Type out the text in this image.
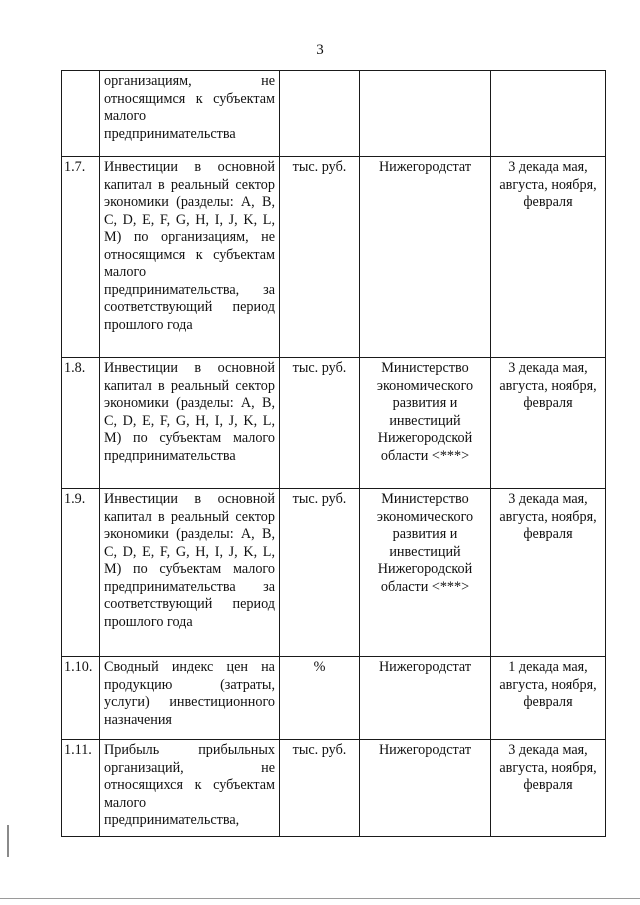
3
	организациям, не относящимся к субъектам малого предпринимательства			
1.7.	Инвестиции в основной капитал в реальный сектор экономики (разделы: A, B, C, D, E, F, G, H, I, J, K, L, M) по организациям, не относящимся к субъектам малого предпринимательства, за соответствующий период прошлого года	тыс. руб.	Нижегородстат	3 декада мая, августа, ноября, февраля
1.8.	Инвестиции в основной капитал в реальный сектор экономики (разделы: A, B, C, D, E, F, G, H, I, J, K, L, M) по субъектам малого предпринимательства	тыс. руб.	Министерство экономического развития и инвестиций Нижегородской области <***>	3 декада мая, августа, ноября, февраля
1.9.	Инвестиции в основной капитал в реальный сектор экономики (разделы: A, B, C, D, E, F, G, H, I, J, K, L, M) по субъектам малого предпринимательства за соответствующий период прошлого года	тыс. руб.	Министерство экономического развития и инвестиций Нижегородской области <***>	3 декада мая, августа, ноября, февраля
1.10.	Сводный индекс цен на продукцию (затраты, услуги) инвестиционного назначения	%	Нижегородстат	1 декада мая, августа, ноября, февраля
1.11.	Прибыль прибыльных организаций, не относящихся к субъектам малого предпринимательства,	тыс. руб.	Нижегородстат	3 декада мая, августа, ноября, февраля
